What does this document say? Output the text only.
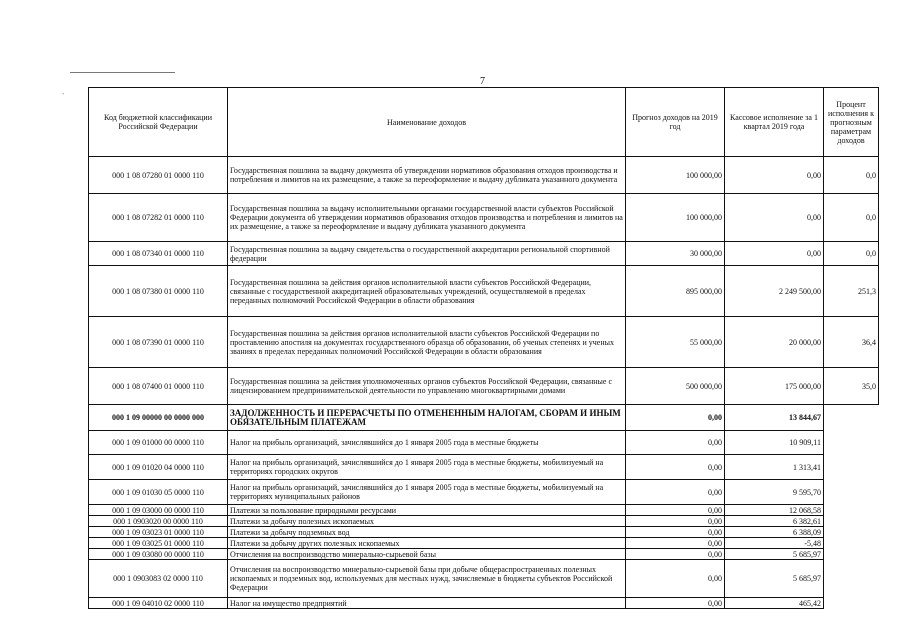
7
`
Код бюджетной классификации Российской Федерации	Наименование доходов	Прогноз доходов на 2019 год	Кассовое исполнение за 1 квартал 2019 года	Процент исполнения к прогнозным параметрам доходов
000 1 08 07280 01 0000 110	Государственная пошлина за выдачу документа об утверждении нормативов образования отходов производства и потребления и лимитов на их размещение, а также за переоформление и выдачу дубликата указанного документа	100 000,00	0,00	0,0
000 1 08 07282 01 0000 110	Государственная пошлина за выдачу исполнительными органами государственной власти субъектов Российской Федерации документа об утверждении нормативов образования отходов производства и потребления и лимитов на их размещение, а также за переоформление и выдачу дубликата указанного документа	100 000,00	0,00	0,0
000 1 08 07340 01 0000 110	Государственная пошлина за выдачу свидетельства о государственной аккредитации региональной спортивной федерации	30 000,00	0,00	0,0
000 1 08 07380 01 0000 110	Государственная пошлина за действия органов исполнительной власти субъектов Российской Федерации, связанные с государственной аккредитацией образовательных учреждений, осуществляемой в пределах переданных полномочий Российской Федерации в области образования	895 000,00	2 249 500,00	251,3
000 1 08 07390 01 0000 110	Государственная пошлина за действия органов исполнительной власти субъектов Российской Федерации по проставлению апостиля на документах государственного образца об образовании, об ученых степенях и ученых званиях в пределах переданных полномочий Российской Федерации в области образования	55 000,00	20 000,00	36,4
000 1 08 07400 01 0000 110	Государственная пошлина за действия уполномоченных органов субъектов Российской Федерации, связанные с лицензированием предпринимательской деятельности по управлению многоквартирными домами	500 000,00	175 000,00	35,0
000 1 09 00000 00 0000 000	ЗАДОЛЖЕННОСТЬ И ПЕРЕРАСЧЕТЫ ПО ОТМЕНЕННЫМ НАЛОГАМ, СБОРАМ И ИНЫМ ОБЯЗАТЕЛЬНЫМ ПЛАТЕЖАМ	0,00	13 844,67	
000 1 09 01000 00 0000 110	Налог на прибыль организаций, зачислявшийся до 1 января 2005 года в местные бюджеты	0,00	10 909,11	
000 1 09 01020 04 0000 110	Налог на прибыль организаций, зачислявшийся до 1 января 2005 года в местные бюджеты, мобилизуемый на территориях городских округов	0,00	1 313,41	
000 1 09 01030 05 0000 110	Налог на прибыль организаций, зачислявшийся до 1 января 2005 года в местные бюджеты, мобилизуемый на территориях муниципальных районов	0,00	9 595,70	
000 1 09 03000 00 0000 110	Платежи за пользование природными ресурсами	0,00	12 068,58	
000 1 0903020 00 0000 110	Платежи за добычу полезных ископаемых	0,00	6 382,61	
000 1 09 03023 01 0000 110	Платежи за добычу подземных вод	0,00	6 388,09	
000 1 09 03025 01 0000 110	Платежи за добычу других полезных ископаемых	0,00	-5,48	
000 1 09 03080 00 0000 110	Отчисления на воспроизводство минерально-сырьевой базы	0,00	5 685,97	
000 1 0903083 02 0000 110	Отчисления на воспроизводство минерально-сырьевой базы при добыче общераспространенных полезных ископаемых и подземных вод, используемых для местных нужд, зачисляемые в бюджеты субъектов Российской Федерации	0,00	5 685,97	
000 1 09 04010 02 0000 110	Налог на имущество предприятий	0,00	465,42	
